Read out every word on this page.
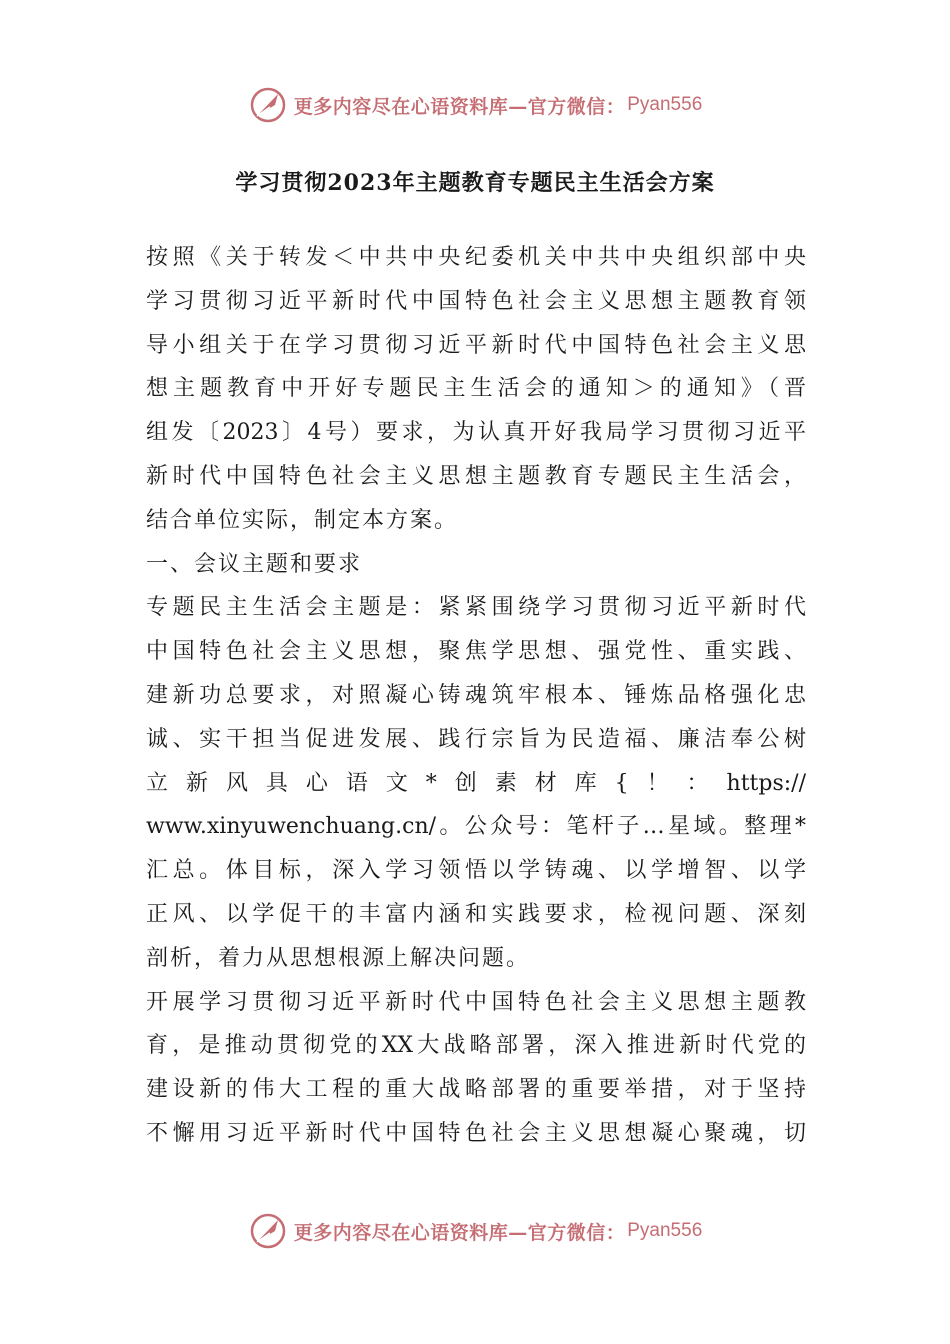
更多内容尽在心语资料库—官方微信： Pyan556
学习贯彻2023年主题教育专题民主生活会方案
按照《关于转发＜中共中央纪委机关中共中央组织部中央
学习贯彻习近平新时代中国特色社会主义思想主题教育领
导小组关于在学习贯彻习近平新时代中国特色社会主义思
想主题教育中开好专题民主生活会的通知＞的通知》（晋
组发〔2023〕4号）要求，为认真开好我局学习贯彻习近平
新时代中国特色社会主义思想主题教育专题民主生活会，
结合单位实际，制定本方案。
一、会议主题和要求
专题民主生活会主题是：紧紧围绕学习贯彻习近平新时代
中国特色社会主义思想，聚焦学思想、强党性、重实践、
建新功总要求，对照凝心铸魂筑牢根本、锤炼品格强化忠
诚、实干担当促进发展、践行宗旨为民造福、廉洁奉公树
立新风具心语文*创素材库{！：https://
www.xinyuwenchuang.cn/。公众号：笔杆子…星域。整理*
汇总。体目标，深入学习领悟以学铸魂、以学增智、以学
正风、以学促干的丰富内涵和实践要求，检视问题、深刻
剖析，着力从思想根源上解决问题。
开展学习贯彻习近平新时代中国特色社会主义思想主题教
育，是推动贯彻党的XX大战略部署，深入推进新时代党的
建设新的伟大工程的重大战略部署的重要举措，对于坚持
不懈用习近平新时代中国特色社会主义思想凝心聚魂，切
更多内容尽在心语资料库—官方微信： Pyan556
